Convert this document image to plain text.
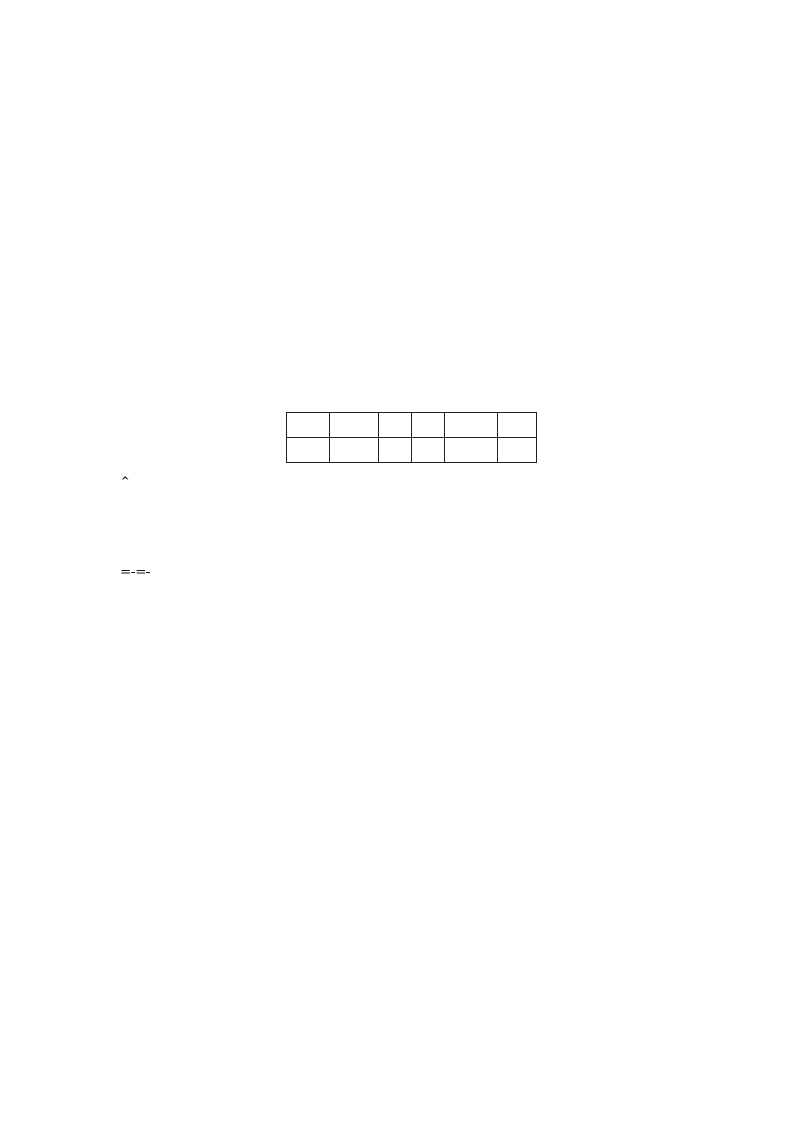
= =
